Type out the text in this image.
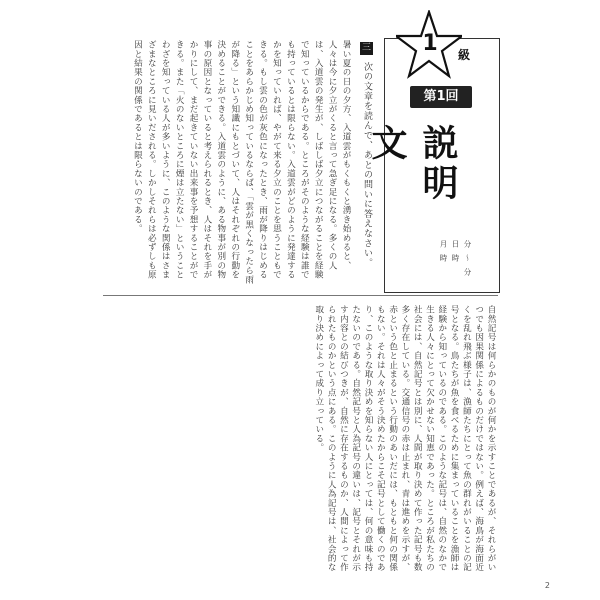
暑い夏の日の夕方、入道雲がもくもくと湧き始めると、人々は今に夕立がくると言って急ぎ足になる。多くの人は、入道雲の発生が、しばしば夕立につながることを経験で知っているからである。ところがそのような経験は誰でも持っているとは限らない。入道雲がどのように発達するかを知っていれば、やがて来る夕立のことを思うこともできる。もし雲の色が灰色になったとき、雨が降りはじめることをあらかじめ知っているならば、「雲が黒くなったら雨が降る」という知識にもとづいて、人はそれぞれの行動を決めることができる。入道雲のように、ある物事が別の物事の原因となっていると考えられるとき、人はそれを手がかりにして、まだ起きていない出来事を予想することができる。また「火のないところに煙は立たない」ということわざを知っている人が多いように、このような関係はさまざまなところに見いだされる。しかしそれらは必ずしも原因と結果の関係であるとは限らないのである。	三
次の文章を読んで、あとの問いに答えなさい。
1 級
第1回
説明文
分 〜 分
日 時
月 時
自然記号は何らかのものが何かを示すことであるが、それらがいつでも因果関係によるものだけではない。例えば、海鳥が海面近くを乱れ飛ぶ様子は、漁師たちにとって魚の群れがいることの記号となる。鳥たちが魚を食べるために集まっていることを漁師は経験から知っているのである。このような記号は、自然のなかで生きる人々にとって欠かせない知恵であった。ところが私たちの社会には、自然記号とは別に、人間が取り決めて作った記号も数多く存在している。交通信号の赤は止まれ、青は進めを示すが、赤という色と止まるという行動のあいだには、もともと何の関係もない。それは人々がそう決めたからこそ記号として働くのであり、このような取り決めを知らない人にとっては、何の意味も持たないのである。自然記号と人為記号の違いは、記号とそれが示す内容との結びつきが、自然に存在するものか、人間によって作られたものかという点にある。このように人為記号は、社会的な取り決めによって成り立っている。
2
